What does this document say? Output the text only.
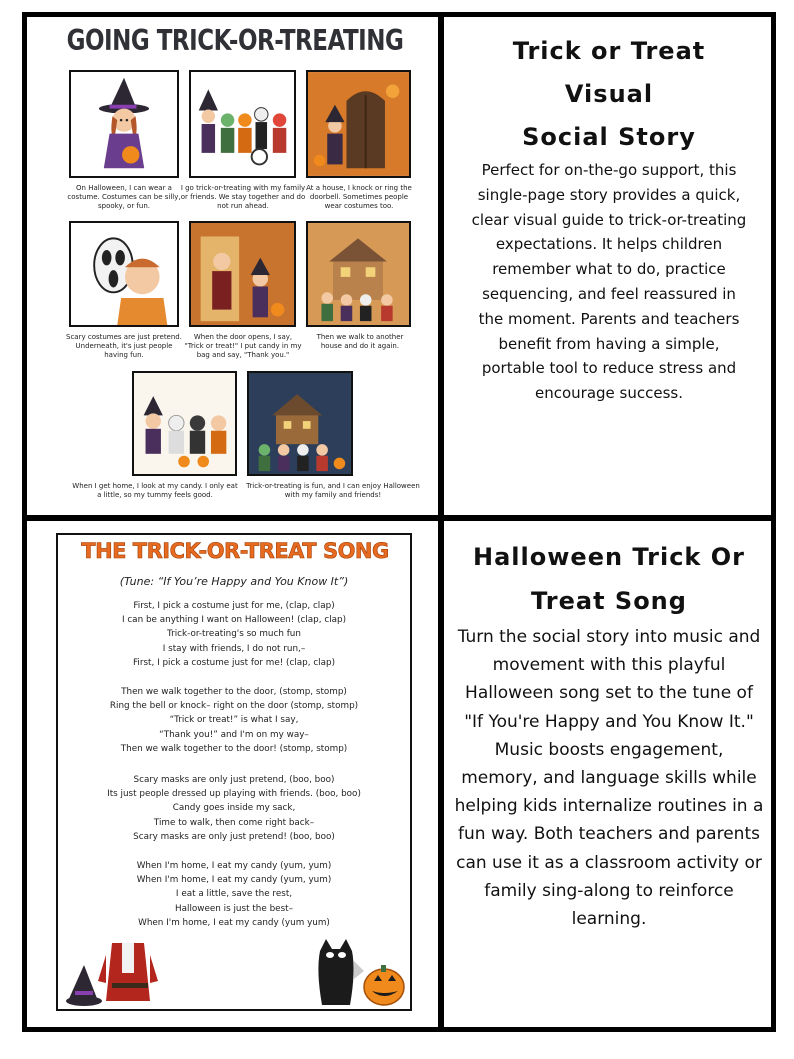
GOING TRICK-OR-TREATING
On Halloween, I can wear a costume. Costumes can be silly, spooky, or fun.
I go trick-or-treating with my family or friends. We stay together and do not run ahead.
At a house, I knock or ring the doorbell. Sometimes people wear costumes too.
Scary costumes are just pretend. Underneath, it's just people having fun.
When the door opens, I say, "Trick or treat!" I put candy in my bag and say, "Thank you."
Then we walk to another house and do it again.
When I get home, I look at my candy. I only eat a little, so my tummy feels good.
Trick-or-treating is fun, and I can enjoy Halloween with my family and friends!
Trick or Treat
Visual
Social Story
Perfect for on-the-go support, this single-page story provides a quick, clear visual guide to trick-or-treating expectations. It helps children remember what to do, practice sequencing, and feel reassured in the moment. Parents and teachers benefit from having a simple, portable tool to reduce stress and encourage success.
THE TRICK-OR-TREAT SONG
(Tune: “If You’re Happy and You Know It”)
First, I pick a costume just for me, (clap, clap)
I can be anything I want on Halloween! (clap, clap)
Trick-or-treating's so much fun
I stay with friends, I do not run,–
First, I pick a costume just for me! (clap, clap)
Then we walk together to the door, (stomp, stomp)
Ring the bell or knock– right on the door (stomp, stomp)
“Trick or treat!” is what I say,
“Thank you!” and I'm on my way–
Then we walk together to the door! (stomp, stomp)
Scary masks are only just pretend, (boo, boo)
Its just people dressed up playing with friends. (boo, boo)
Candy goes inside my sack,
Time to walk, then come right back–
Scary masks are only just pretend! (boo, boo)
When I'm home, I eat my candy (yum, yum)
When I'm home, I eat my candy (yum, yum)
I eat a little, save the rest,
Halloween is just the best–
When I'm home, I eat my candy (yum yum)
Halloween Trick Or
Treat Song
Turn the social story into music and movement with this playful Halloween song set to the tune of "If You're Happy and You Know It." Music boosts engagement, memory, and language skills while helping kids internalize routines in a fun way. Both teachers and parents can use it as a classroom activity or family sing-along to reinforce learning.
